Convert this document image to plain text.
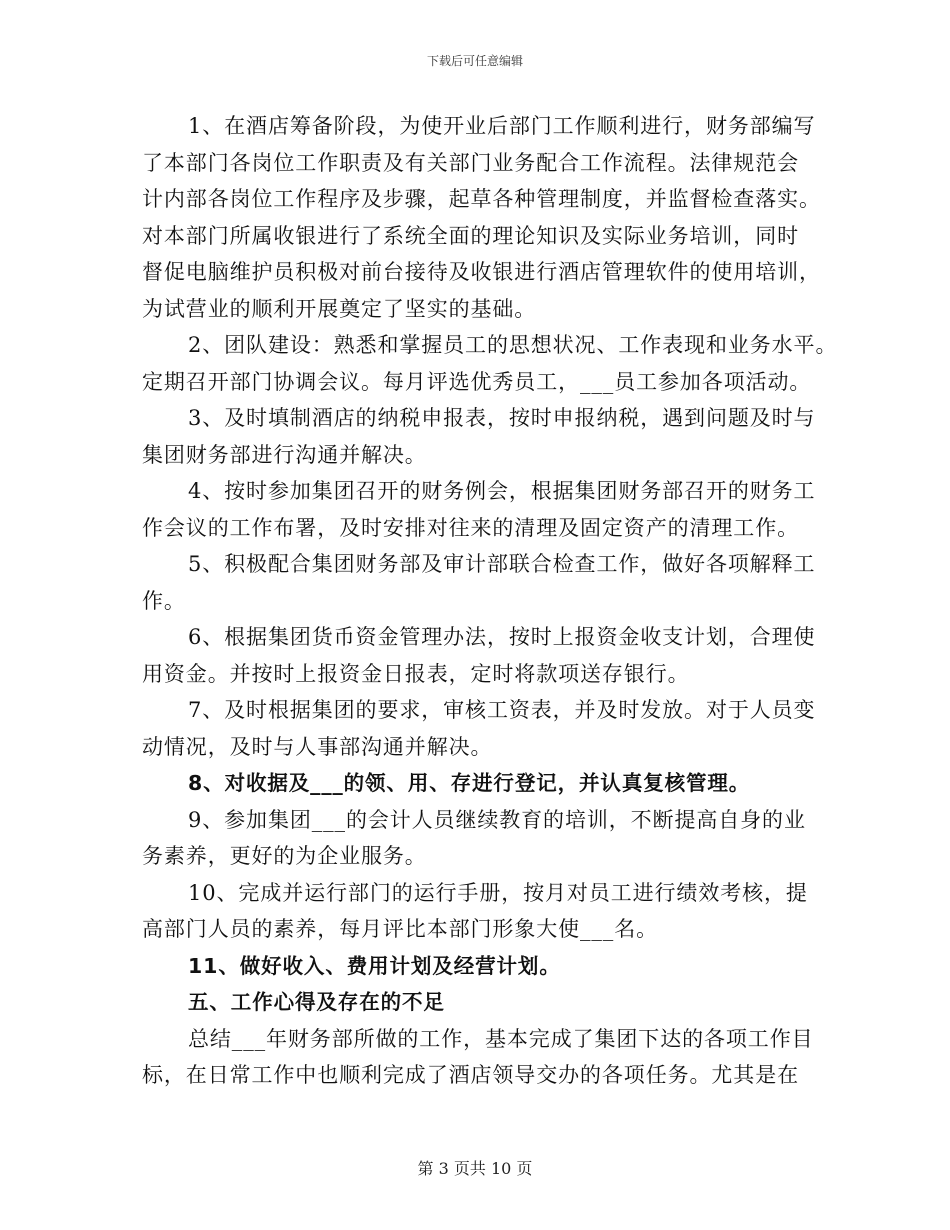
下载后可任意编辑
1、在酒店筹备阶段，为使开业后部门工作顺利进行，财务部编写
了本部门各岗位工作职责及有关部门业务配合工作流程。法律规范会
计内部各岗位工作程序及步骤，起草各种管理制度，并监督检查落实。
对本部门所属收银进行了系统全面的理论知识及实际业务培训，同时
督促电脑维护员积极对前台接待及收银进行酒店管理软件的使用培训，
为试营业的顺利开展奠定了坚实的基础。
2、团队建设：熟悉和掌握员工的思想状况、工作表现和业务水平。
定期召开部门协调会议。每月评选优秀员工，___员工参加各项活动。
3、及时填制酒店的纳税申报表，按时申报纳税，遇到问题及时与
集团财务部进行沟通并解决。
4、按时参加集团召开的财务例会，根据集团财务部召开的财务工
作会议的工作布署，及时安排对往来的清理及固定资产的清理工作。
5、积极配合集团财务部及审计部联合检查工作，做好各项解释工
作。
6、根据集团货币资金管理办法，按时上报资金收支计划，合理使
用资金。并按时上报资金日报表，定时将款项送存银行。
7、及时根据集团的要求，审核工资表，并及时发放。对于人员变
动情况，及时与人事部沟通并解决。
8、对收据及___的领、用、存进行登记，并认真复核管理。
9、参加集团___的会计人员继续教育的培训，不断提高自身的业
务素养，更好的为企业服务。
10、完成并运行部门的运行手册，按月对员工进行绩效考核，提
高部门人员的素养，每月评比本部门形象大使___名。
11、做好收入、费用计划及经营计划。
五、工作心得及存在的不足
总结___年财务部所做的工作，基本完成了集团下达的各项工作目
标，在日常工作中也顺利完成了酒店领导交办的各项任务。尤其是在
第 3 页共 10 页
